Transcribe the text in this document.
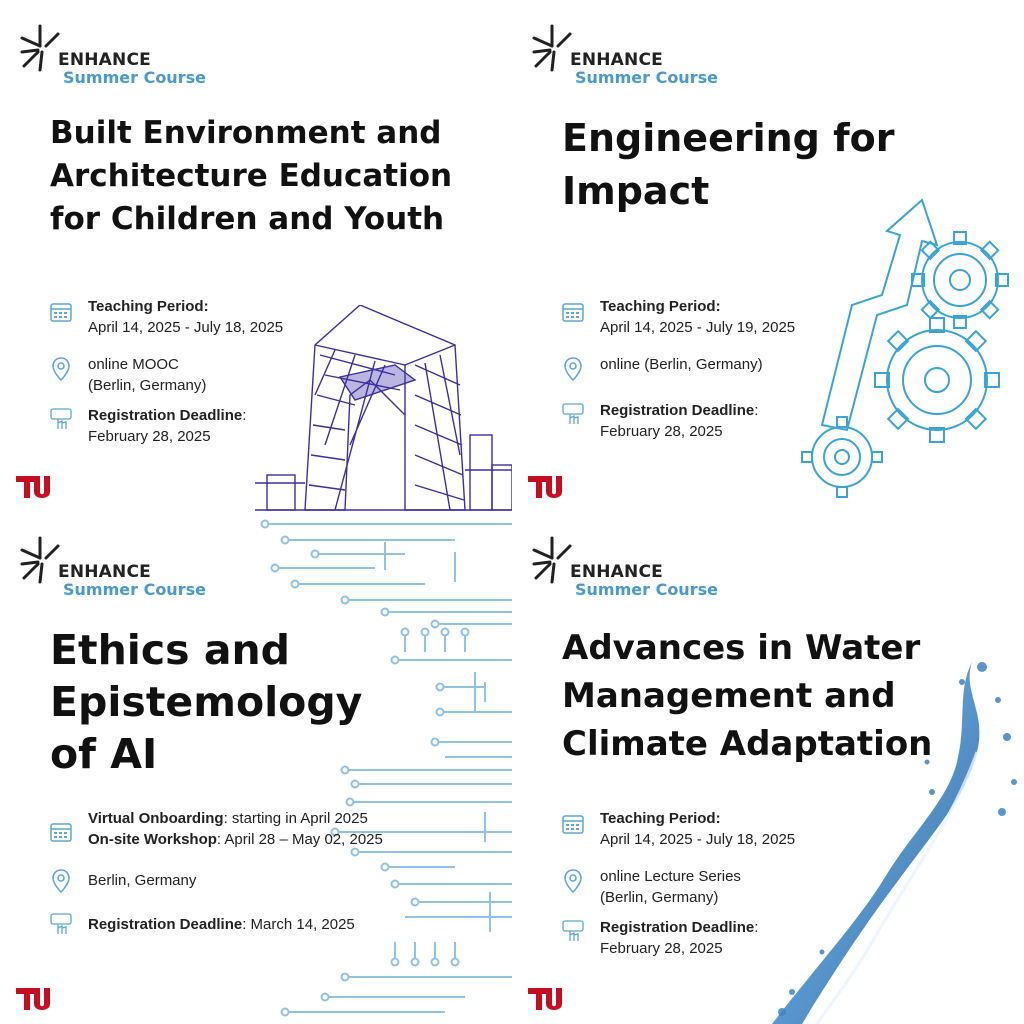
ENHANCE
Summer Course
Built Environment and
Architecture Education
for Children and Youth
Teaching Period:
April 14, 2025 - July 18, 2025
online MOOC
(Berlin, Germany)
Registration Deadline:
February 28, 2025
ENHANCE
Summer Course
Engineering for
Impact
Teaching Period:
April 14, 2025 - July 19, 2025
online (Berlin, Germany)
Registration Deadline:
February 28, 2025
ENHANCE
Summer Course
Ethics and
Epistemology
of AI
Virtual Onboarding: starting in April 2025
On-site Workshop: April 28 – May 02, 2025
Berlin, Germany
Registration Deadline: March 14, 2025
ENHANCE
Summer Course
Advances in Water
Management and
Climate Adaptation
Teaching Period:
April 14, 2025 - July 18, 2025
online Lecture Series
(Berlin, Germany)
Registration Deadline:
February 28, 2025
